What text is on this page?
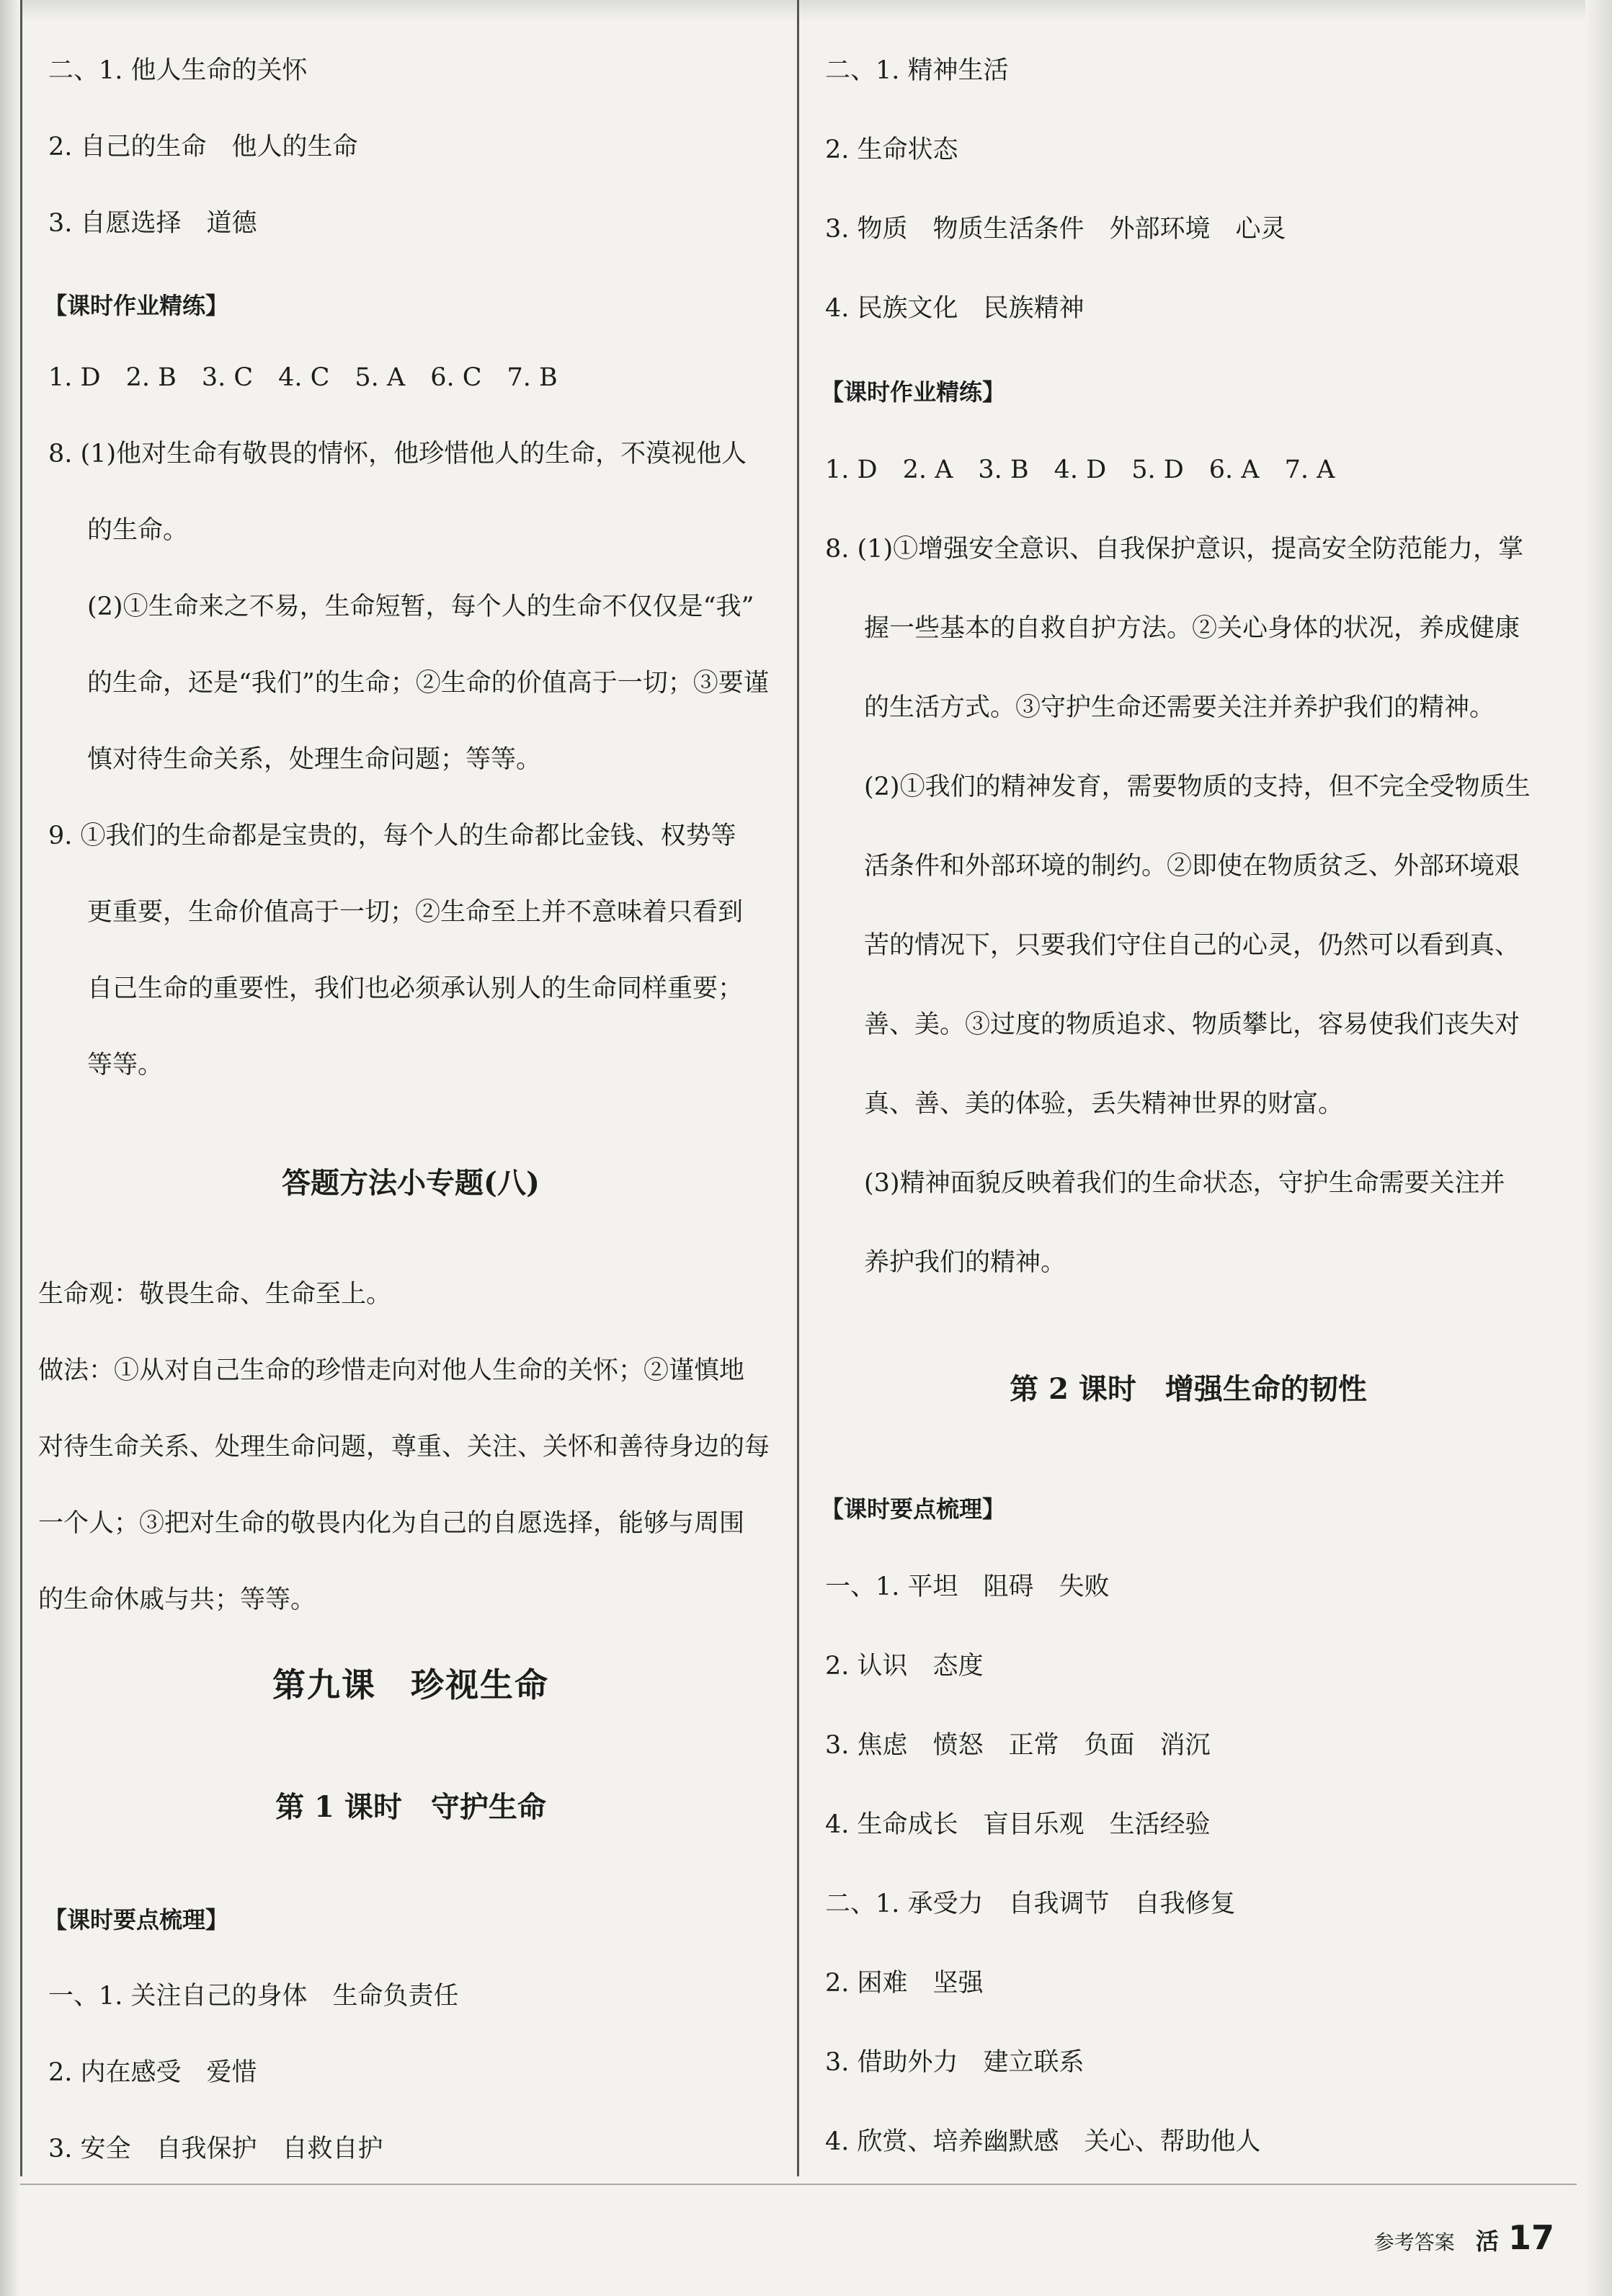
二、1. 他人生命的关怀
2. 自己的生命　他人的生命
3. 自愿选择　道德
【课时作业精练】
1. D　2. B　3. C　4. C　5. A　6. C　7. B
8. (1)他对生命有敬畏的情怀，他珍惜他人的生命，不漠视他人
的生命。
(2)①生命来之不易，生命短暂，每个人的生命不仅仅是“我”
的生命，还是“我们”的生命；②生命的价值高于一切；③要谨
慎对待生命关系，处理生命问题；等等。
9. ①我们的生命都是宝贵的，每个人的生命都比金钱、权势等
更重要，生命价值高于一切；②生命至上并不意味着只看到
自己生命的重要性，我们也必须承认别人的生命同样重要；
等等。
答题方法小专题(八)
生命观：敬畏生命、生命至上。
做法：①从对自己生命的珍惜走向对他人生命的关怀；②谨慎地
对待生命关系、处理生命问题，尊重、关注、关怀和善待身边的每
一个人；③把对生命的敬畏内化为自己的自愿选择，能够与周围
的生命休戚与共；等等。
第九课　珍视生命
第 1 课时　守护生命
【课时要点梳理】
一、1. 关注自己的身体　生命负责任
2. 内在感受　爱惜
3. 安全　自我保护　自救自护
二、1. 精神生活
2. 生命状态
3. 物质　物质生活条件　外部环境　心灵
4. 民族文化　民族精神
【课时作业精练】
1. D　2. A　3. B　4. D　5. D　6. A　7. A
8. (1)①增强安全意识、自我保护意识，提高安全防范能力，掌
握一些基本的自救自护方法。②关心身体的状况，养成健康
的生活方式。③守护生命还需要关注并养护我们的精神。
(2)①我们的精神发育，需要物质的支持，但不完全受物质生
活条件和外部环境的制约。②即使在物质贫乏、外部环境艰
苦的情况下，只要我们守住自己的心灵，仍然可以看到真、
善、美。③过度的物质追求、物质攀比，容易使我们丧失对
真、善、美的体验，丢失精神世界的财富。
(3)精神面貌反映着我们的生命状态，守护生命需要关注并
养护我们的精神。
第 2 课时　增强生命的韧性
【课时要点梳理】
一、1. 平坦　阻碍　失败
2. 认识　态度
3. 焦虑　愤怒　正常　负面　消沉
4. 生命成长　盲目乐观　生活经验
二、1. 承受力　自我调节　自我修复
2. 困难　坚强
3. 借助外力　建立联系
4. 欣赏、培养幽默感　关心、帮助他人
参考答案 活 17
